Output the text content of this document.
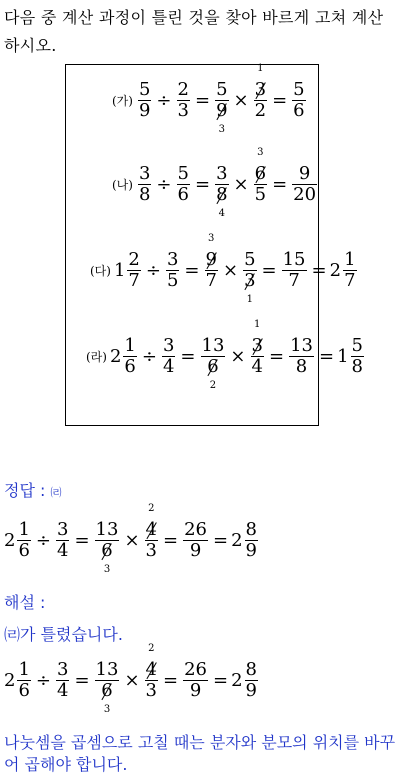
다음 중 계산 과정이 틀린 것을 찾아 바르게 고쳐 계산하시오.
(가)
5
9 ÷
2
3 =
5
9
3
×
1
3
2 =
5
6
(나)
3
8 ÷
5
6 =
3
8
4
×
3
6
5 =
9
20
(다) 1
2
7 ÷
3
5 =
3
9
7 ×
5
3
1
=
15
7 = 2
1
7
(라) 2
1
6 ÷
3
4 =
13
6
2
×
1
3
4 =
13
8 = 1
5
8
정답 : ㈃
2
1
6 ÷
3
4 =
13
6
3
×
2
4
3 =
26
9 = 2
8
9
해설 :
㈃가 틀렸습니다.
2
1
6 ÷
3
4 =
13
6
3
×
2
4
3 =
26
9 = 2
8
9
나눗셈을 곱셈으로 고칠 때는 분자와 분모의 위치를 바꾸어 곱해야 합니다.
